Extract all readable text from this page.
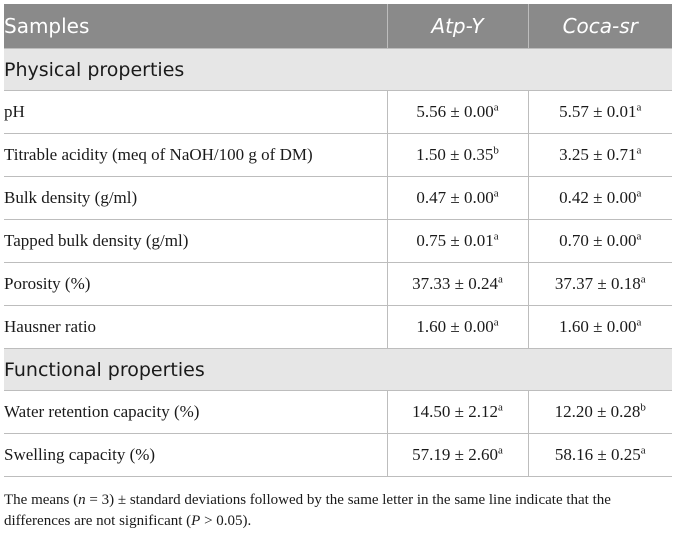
Samples	Atp-Y	Coca-sr
Physical properties		
pH	5.56 ± 0.00$^a$	5.57 ± 0.01$^a$
Titrable acidity (meq of NaOH/100 g of DM)	1.50 ± 0.35$^b$	3.25 ± 0.71$^a$
Bulk density (g/ml)	0.47 ± 0.00$^a$	0.42 ± 0.00$^a$
Tapped bulk density (g/ml)	0.75 ± 0.01$^a$	0.70 ± 0.00$^a$
Porosity (%)	37.33 ± 0.24$^a$	37.37 ± 0.18$^a$
Hausner ratio	1.60 ± 0.00$^a$	1.60 ± 0.00$^a$
Functional properties		
Water retention capacity (%)	14.50 ± 2.12$^a$	12.20 ± 0.28$^b$
Swelling capacity (%)	57.19 ± 2.60$^a$	58.16 ± 0.25$^a$

The means (n = 3) ± standard deviations followed by the same letter in the same line indicate that the differences are not significant (P > 0.05).
